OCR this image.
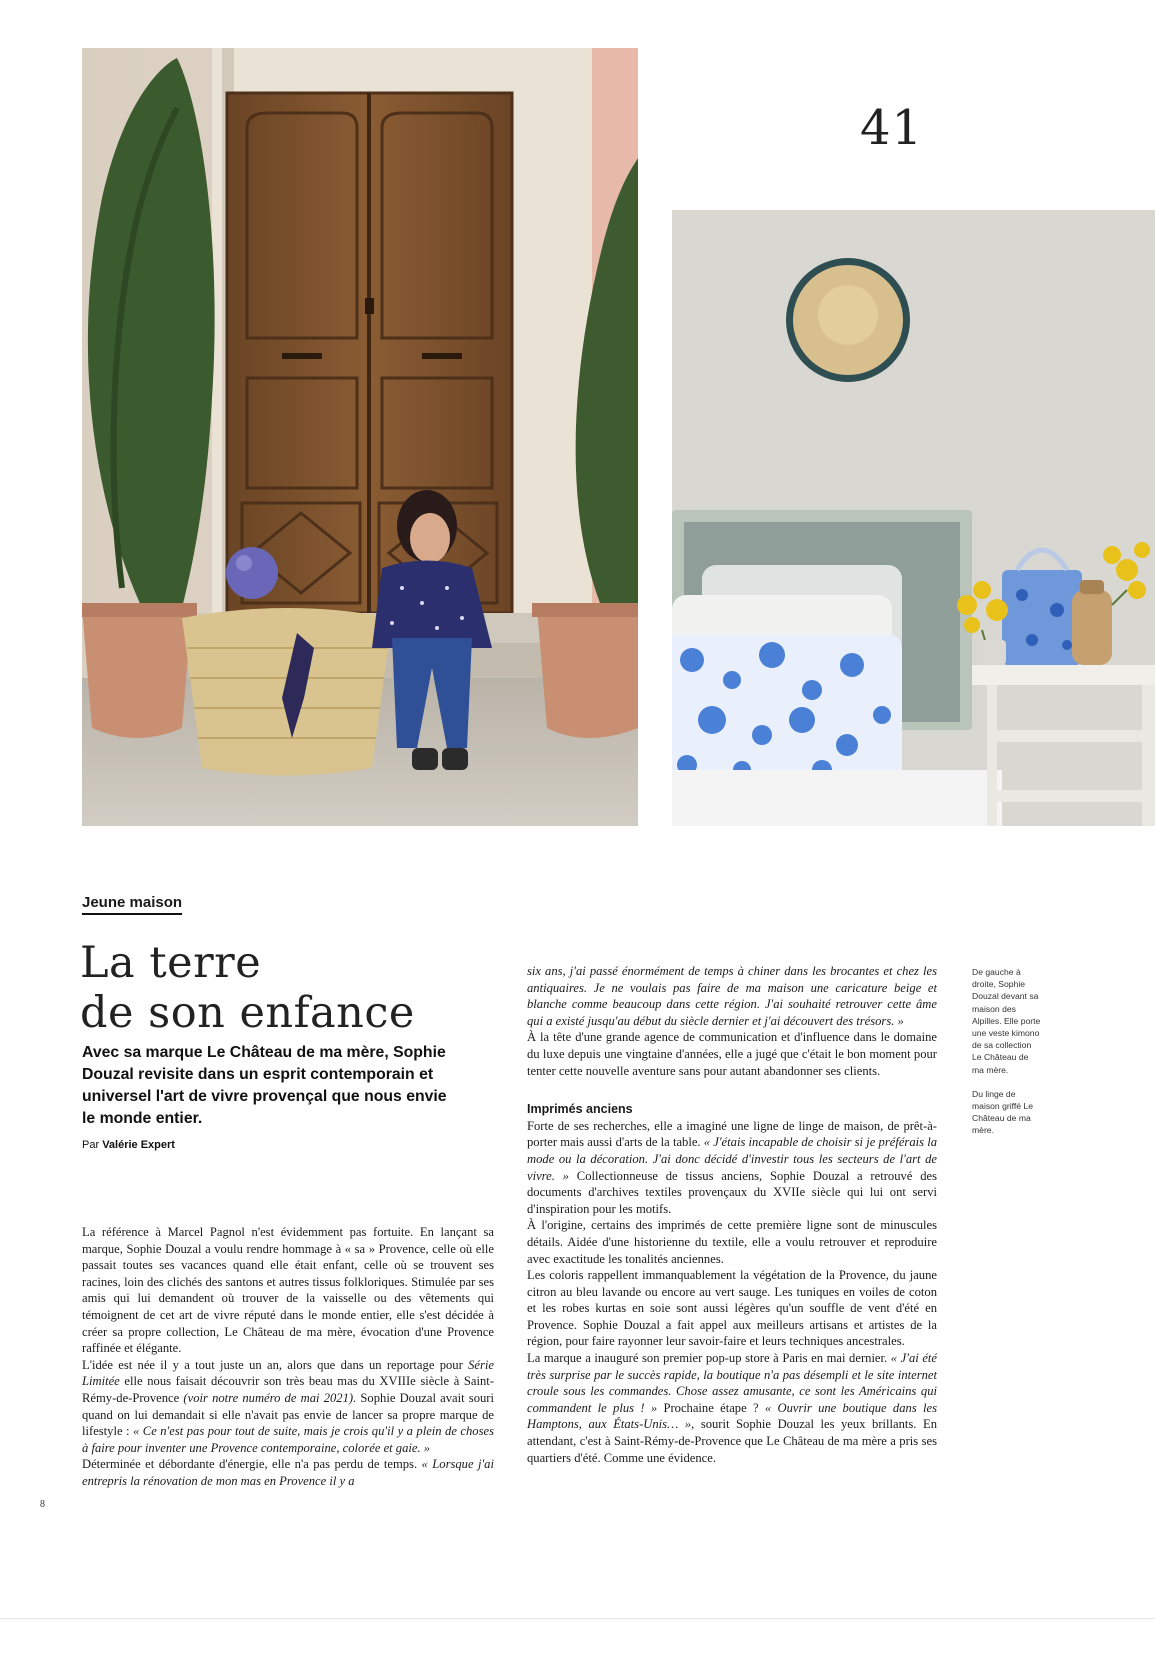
41
Jeune maison
La terre
de son enfance
Avec sa marque Le Château de ma mère, Sophie Douzal revisite dans un esprit contemporain et universel l'art de vivre provençal que nous envie le monde entier.
Par Valérie Expert

La référence à Marcel Pagnol n'est évidemment pas fortuite. En lançant sa marque, Sophie Douzal a voulu rendre hommage à « sa » Provence, celle où elle passait toutes ses vacances quand elle était enfant, celle où se trouvent ses racines, loin des clichés des santons et autres tissus folkloriques. Stimulée par ses amis qui lui demandent où trouver de la vaisselle ou des vêtements qui témoignent de cet art de vivre réputé dans le monde entier, elle s'est décidée à créer sa propre collection, Le Château de ma mère, évocation d'une Provence raffinée et élégante.

L'idée est née il y a tout juste un an, alors que dans un reportage pour Série Limitée elle nous faisait découvrir son très beau mas du XVIIIe siècle à Saint-Rémy-de-Provence (voir notre numéro de mai 2021). Sophie Douzal avait souri quand on lui demandait si elle n'avait pas envie de lancer sa propre marque de lifestyle : « Ce n'est pas pour tout de suite, mais je crois qu'il y a plein de choses à faire pour inventer une Provence contemporaine, colorée et gaie. »

Déterminée et débordante d'énergie, elle n'a pas perdu de temps. « Lorsque j'ai entrepris la rénovation de mon mas en Provence il y a

six ans, j'ai passé énormément de temps à chiner dans les brocantes et chez les antiquaires. Je ne voulais pas faire de ma maison une caricature beige et blanche comme beaucoup dans cette région. J'ai souhaité retrouver cette âme qui a existé jusqu'au début du siècle dernier et j'ai découvert des trésors. »

À la tête d'une grande agence de communication et d'influence dans le domaine du luxe depuis une vingtaine d'années, elle a jugé que c'était le bon moment pour tenter cette nouvelle aventure sans pour autant abandonner ses clients.

Imprimés anciens

Forte de ses recherches, elle a imaginé une ligne de linge de maison, de prêt-à-porter mais aussi d'arts de la table. « J'étais incapable de choisir si je préférais la mode ou la décoration. J'ai donc décidé d'investir tous les secteurs de l'art de vivre. » Collectionneuse de tissus anciens, Sophie Douzal a retrouvé des documents d'archives textiles provençaux du XVIIe siècle qui lui ont servi d'inspiration pour les motifs.

À l'origine, certains des imprimés de cette première ligne sont de minuscules détails. Aidée d'une historienne du textile, elle a voulu retrouver et reproduire avec exactitude les tonalités anciennes.

Les coloris rappellent immanquablement la végétation de la Provence, du jaune citron au bleu lavande ou encore au vert sauge. Les tuniques en voiles de coton et les robes kurtas en soie sont aussi légères qu'un souffle de vent d'été en Provence. Sophie Douzal a fait appel aux meilleurs artisans et artistes de la région, pour faire rayonner leur savoir-faire et leurs techniques ancestrales.

La marque a inauguré son premier pop-up store à Paris en mai dernier. « J'ai été très surprise par le succès rapide, la boutique n'a pas désempli et le site internet croule sous les commandes. Chose assez amusante, ce sont les Américains qui commandent le plus ! » Prochaine étape ? « Ouvrir une boutique dans les Hamptons, aux États-Unis… », sourit Sophie Douzal les yeux brillants. En attendant, c'est à Saint-Rémy-de-Provence que Le Château de ma mère a pris ses quartiers d'été. Comme une évidence.

De gauche à droite, Sophie Douzal devant sa maison des Alpilles. Elle porte une veste kimono de sa collection Le Château de ma mère.

Du linge de maison griffé Le Château de ma mère.

8
